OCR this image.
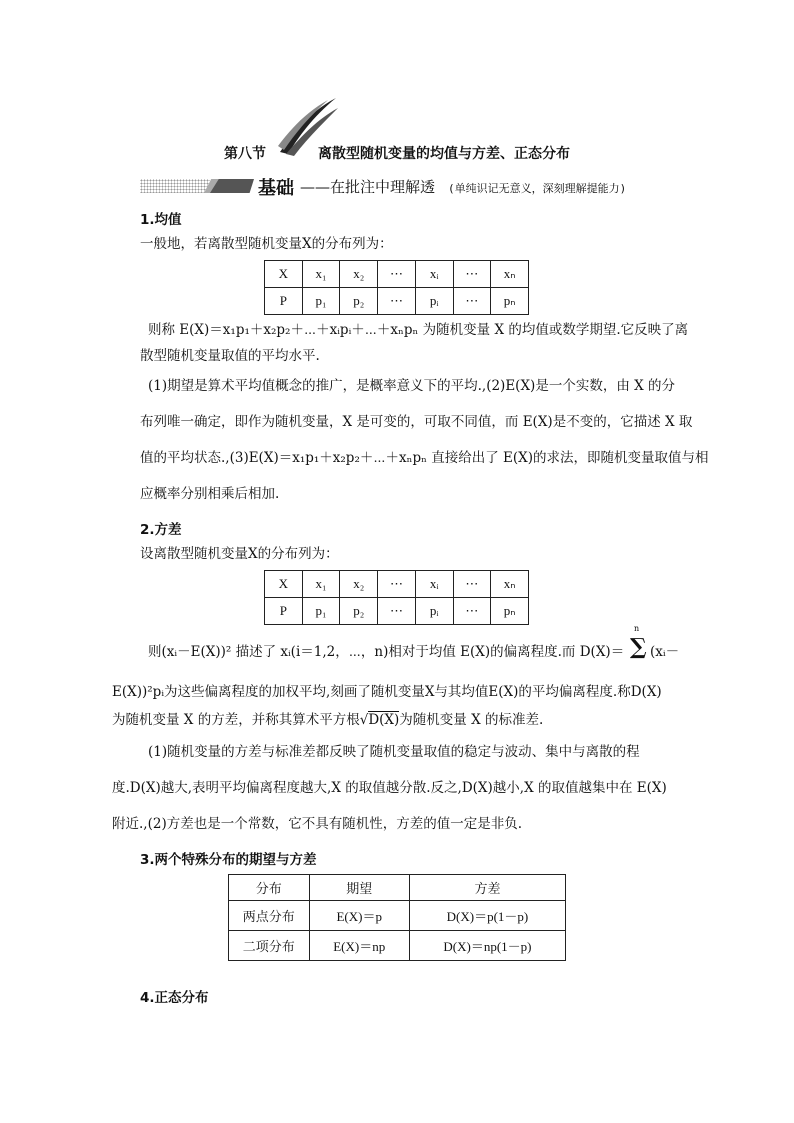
第八节	离散型随机变量的均值与方差、正态分布
基础 ——在批注中理解透 (单纯识记无意义，深刻理解提能力)
1.均值
一般地，若离散型随机变量X的分布列为：
X	x₁	x₂	⋯	xᵢ	⋯	xₙ
P	p₁	p₂	⋯	pᵢ	⋯	pₙ
则称 E(X)＝x₁p₁＋x₂p₂＋⋯＋xᵢpᵢ＋⋯＋xₙpₙ 为随机变量 X 的均值或数学期望.它反映了离
散型随机变量取值的平均水平.
(1)期望是算术平均值概念的推广，是概率意义下的平均.,(2)E(X)是一个实数，由 X 的分
布列唯一确定，即作为随机变量，X 是可变的，可取不同值，而 E(X)是不变的，它描述 X 取
值的平均状态.,(3)E(X)＝x₁p₁＋x₂p₂＋⋯＋xₙpₙ 直接给出了 E(X)的求法，即随机变量取值与相
应概率分别相乘后相加.
2.方差
设离散型随机变量X的分布列为：
X	x₁	x₂	⋯	xᵢ	⋯	xₙ
P	p₁	p₂	⋯	pᵢ	⋯	pₙ
则(xᵢ－E(X))² 描述了 xᵢ(i＝1,2，⋯，n)相对于均值 E(X)的偏离程度.而 D(X)＝
n
∑ (xᵢ－
E(X))²pᵢ为这些偏离程度的加权平均,刻画了随机变量X与其均值E(X)的平均偏离程度.称D(X)
为随机变量 X 的方差，并称其算术平方根√D(X)为随机变量 X 的标准差.
(1)随机变量的方差与标准差都反映了随机变量取值的稳定与波动、集中与离散的程
度.D(X)越大,表明平均偏离程度越大,X 的取值越分散.反之,D(X)越小,X 的取值越集中在 E(X)
附近.,(2)方差也是一个常数，它不具有随机性，方差的值一定是非负.
3.两个特殊分布的期望与方差
分布	期望	方差
两点分布	E(X)＝p	D(X)＝p(1－p)
二项分布	E(X)＝np	D(X)＝np(1－p)
4.正态分布
